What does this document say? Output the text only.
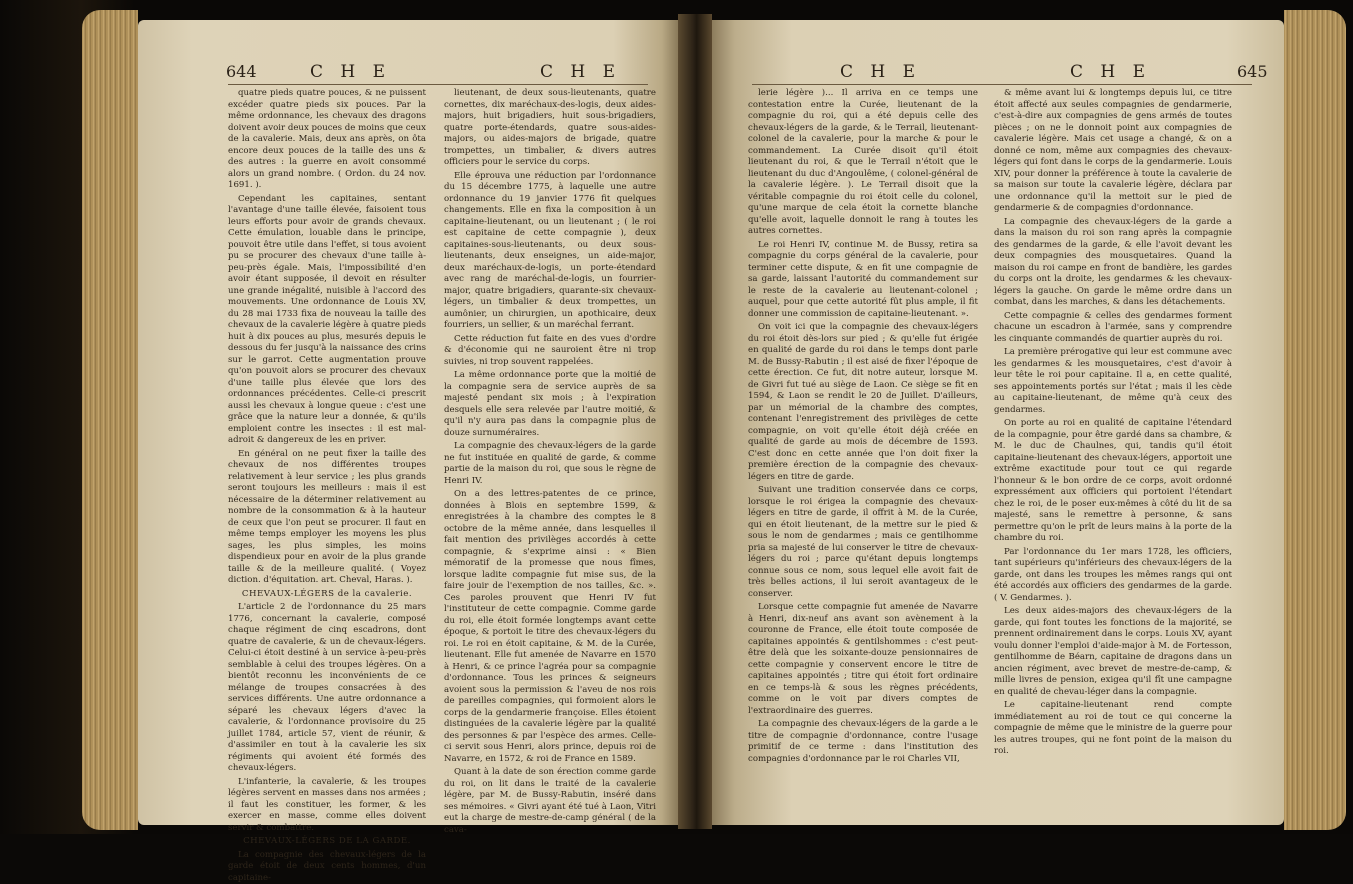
644	C H E	C H E

quatre pieds quatre pouces, & ne puissent excéder quatre pieds six pouces. Par la même ordonnance, les chevaux des dragons doivent avoir deux pouces de moins que ceux de la cavalerie. Mais, deux ans après, on ôta encore deux pouces de la taille des uns & des autres : la guerre en avoit consommé alors un grand nombre. ( Ordon. du 24 nov. 1691. ).

Cependant les capitaines, sentant l'avantage d'une taille élevée, faisoient tous leurs efforts pour avoir de grands chevaux. Cette émulation, louable dans le principe, pouvoit être utile dans l'effet, si tous avoient pu se procurer des chevaux d'une taille à-peu-près égale. Mais, l'impossibilité d'en avoir étant supposée, il devoit en résulter une grande inégalité, nuisible à l'accord des mouvements. Une ordonnance de Louis XV, du 28 mai 1733 fixa de nouveau la taille des chevaux de la cavalerie légère à quatre pieds huit à dix pouces au plus, mesurés depuis le dessous du fer jusqu'à la naissance des crins sur le garrot. Cette augmentation prouve qu'on pouvoit alors se procurer des chevaux d'une taille plus élevée que lors des ordonnances précédentes. Celle-ci prescrit aussi les chevaux à longue queue : c'est une grâce que la nature leur a donnée, & qu'ils emploient contre les insectes : il est mal-adroit & dangereux de les en priver.

En général on ne peut fixer la taille des chevaux de nos différentes troupes relativement à leur service ; les plus grands seront toujours les meilleurs : mais il est nécessaire de la déterminer relativement au nombre de la consommation & à la hauteur de ceux que l'on peut se procurer. Il faut en même temps employer les moyens les plus sages, les plus simples, les moins dispendieux pour en avoir de la plus grande taille & de la meilleure qualité. ( Voyez diction. d'équitation. art. Cheval, Haras. ).

CHEVAUX-LÉGERS de la cavalerie.

L'article 2 de l'ordonnance du 25 mars 1776, concernant la cavalerie, composé chaque régiment de cinq escadrons, dont quatre de cavalerie, & un de chevaux-légers. Celui-ci étoit destiné à un service à-peu-près semblable à celui des troupes légères. On a bientôt reconnu les inconvénients de ce mélange de troupes consacrées à des services différents. Une autre ordonnance a séparé les chevaux légers d'avec la cavalerie, & l'ordonnance provisoire du 25 juillet 1784, article 57, vient de réunir, & d'assimiler en tout à la cavalerie les six régiments qui avoient été formés des chevaux-légers.

L'infanterie, la cavalerie, & les troupes légères servent en masses dans nos armées ; il faut les constituer, les former, & les exercer en masse, comme elles doivent servir & combattre.

CHEVAUX-LÉGERS DE LA GARDE.

La compagnie des chevaux-légers de la garde étoit de deux cents hommes, d'un capitaine-

lieutenant, de deux sous-lieutenants, quatre cornettes, dix maréchaux-des-logis, deux aides-majors, huit brigadiers, huit sous-brigadiers, quatre porte-étendards, quatre sous-aides-majors, ou aides-majors de brigade, quatre trompettes, un timbalier, & divers autres officiers pour le service du corps.

Elle éprouva une réduction par l'ordonnance du 15 décembre 1775, à laquelle une autre ordonnance du 19 janvier 1776 fit quelques changements. Elle en fixa la composition à un capitaine-lieutenant, ou un lieutenant ; ( le roi est capitaine de cette compagnie ), deux capitaines-sous-lieutenants, ou deux sous-lieutenants, deux enseignes, un aide-major, deux maréchaux-de-logis, un porte-étendard avec rang de maréchal-de-logis, un fourrier-major, quatre brigadiers, quarante-six chevaux-légers, un timbalier & deux trompettes, un aumônier, un chirurgien, un apothicaire, deux fourriers, un sellier, & un maréchal ferrant.

Cette réduction fut faite en des vues d'ordre & d'économie qui ne sauroient être ni trop suivies, ni trop souvent rappelées.

La même ordonnance porte que la moitié de la compagnie sera de service auprès de sa majesté pendant six mois ; à l'expiration desquels elle sera relevée par l'autre moitié, & qu'il n'y aura pas dans la compagnie plus de douze surnuméraires.

La compagnie des chevaux-légers de la garde ne fut instituée en qualité de garde, & comme partie de la maison du roi, que sous le règne de Henri IV.

On a des lettres-patentes de ce prince, données à Blois en septembre 1599, & enregistrées à la chambre des comptes le 8 octobre de la même année, dans lesquelles il fait mention des privilèges accordés à cette compagnie, & s'exprime ainsi : « Bien mémoratif de la promesse que nous fîmes, lorsque ladite compagnie fut mise sus, de la faire jouir de l'exemption de nos tailles, &c. ». Ces paroles prouvent que Henri IV fut l'instituteur de cette compagnie. Comme garde du roi, elle étoit formée longtemps avant cette époque, & portoit le titre des chevaux-légers du roi. Le roi en étoit capitaine, & M. de la Curée, lieutenant. Elle fut amenée de Navarre en 1570 à Henri, & ce prince l'agréa pour sa compagnie d'ordonnance. Tous les princes & seigneurs avoient sous la permission & l'aveu de nos rois de pareilles compagnies, qui formoient alors le corps de la gendarmerie françoise. Elles étoient distinguées de la cavalerie légère par la qualité des personnes & par l'espèce des armes. Celle-ci servit sous Henri, alors prince, depuis roi de Navarre, en 1572, & roi de France en 1589.

Quant à la date de son érection comme garde du roi, on lit dans le traité de la cavalerie légère, par M. de Bussy-Rabutin, inséré dans ses mémoires. « Givri ayant été tué à Laon, Vitri eut la charge de mestre-de-camp général ( de la cava-

C H E	C H E	645

lerie légère )... Il arriva en ce temps une contestation entre la Curée, lieutenant de la compagnie du roi, qui a été depuis celle des chevaux-légers de la garde, & le Terrail, lieutenant-colonel de la cavalerie, pour la marche & pour le commandement. La Curée disoit qu'il étoit lieutenant du roi, & que le Terrail n'étoit que le lieutenant du duc d'Angoulême, ( colonel-général de la cavalerie légère. ). Le Terrail disoit que la véritable compagnie du roi étoit celle du colonel, qu'une marque de cela étoit la cornette blanche qu'elle avoit, laquelle donnoit le rang à toutes les autres cornettes.

Le roi Henri IV, continue M. de Bussy, retira sa compagnie du corps général de la cavalerie, pour terminer cette dispute, & en fit une compagnie de sa garde, laissant l'autorité du commandement sur le reste de la cavalerie au lieutenant-colonel ; auquel, pour que cette autorité fût plus ample, il fit donner une commission de capitaine-lieutenant. ».

On voit ici que la compagnie des chevaux-légers du roi étoit dès-lors sur pied ; & qu'elle fut érigée en qualité de garde du roi dans le temps dont parle M. de Bussy-Rabutin ; il est aisé de fixer l'époque de cette érection. Ce fut, dit notre auteur, lorsque M. de Givri fut tué au siège de Laon. Ce siège se fit en 1594, & Laon se rendit le 20 de Juillet. D'ailleurs, par un mémorial de la chambre des comptes, contenant l'enregistrement des privilèges de cette compagnie, on voit qu'elle étoit déjà créée en qualité de garde au mois de décembre de 1593. C'est donc en cette année que l'on doit fixer la première érection de la compagnie des chevaux-légers en titre de garde.

Suivant une tradition conservée dans ce corps, lorsque le roi érigea la compagnie des chevaux-légers en titre de garde, il offrit à M. de la Curée, qui en étoit lieutenant, de la mettre sur le pied & sous le nom de gendarmes ; mais ce gentilhomme pria sa majesté de lui conserver le titre de chevaux-légers du roi ; parce qu'étant depuis longtemps connue sous ce nom, sous lequel elle avoit fait de très belles actions, il lui seroit avantageux de le conserver.

Lorsque cette compagnie fut amenée de Navarre à Henri, dix-neuf ans avant son avènement à la couronne de France, elle étoit toute composée de capitaines appointés & gentilshommes : c'est peut-être delà que les soixante-douze pensionnaires de cette compagnie y conservent encore le titre de capitaines appointés ; titre qui étoit fort ordinaire en ce temps-là & sous les règnes précédents, comme on le voit par divers comptes de l'extraordinaire des guerres.

La compagnie des chevaux-légers de la garde a le titre de compagnie d'ordonnance, contre l'usage primitif de ce terme : dans l'institution des compagnies d'ordonnance par le roi Charles VII,

& même avant lui & longtemps depuis lui, ce titre étoit affecté aux seules compagnies de gendarmerie, c'est-à-dire aux compagnies de gens armés de toutes pièces ; on ne le donnoit point aux compagnies de cavalerie légère. Mais cet usage a changé, & on a donné ce nom, même aux compagnies des chevaux-légers qui font dans le corps de la gendarmerie. Louis XIV, pour donner la préférence à toute la cavalerie de sa maison sur toute la cavalerie légère, déclara par une ordonnance qu'il la mettoit sur le pied de gendarmerie & de compagnies d'ordonnance.

La compagnie des chevaux-légers de la garde a dans la maison du roi son rang après la compagnie des gendarmes de la garde, & elle l'avoit devant les deux compagnies des mousquetaires. Quand la maison du roi campe en front de bandière, les gardes du corps ont la droite, les gendarmes & les chevaux-légers la gauche. On garde le même ordre dans un combat, dans les marches, & dans les détachements.

Cette compagnie & celles des gendarmes forment chacune un escadron à l'armée, sans y comprendre les cinquante commandés de quartier auprès du roi.

La première prérogative qui leur est commune avec les gendarmes & les mousquetaires, c'est d'avoir à leur tête le roi pour capitaine. Il a, en cette qualité, ses appointements portés sur l'état ; mais il les cède au capitaine-lieutenant, de même qu'à ceux des gendarmes.

On porte au roi en qualité de capitaine l'étendard de la compagnie, pour être gardé dans sa chambre, & M. le duc de Chaulnes, qui, tandis qu'il étoit capitaine-lieutenant des chevaux-légers, apportoit une extrême exactitude pour tout ce qui regarde l'honneur & le bon ordre de ce corps, avoit ordonné expressément aux officiers qui portoient l'étendart chez le roi, de le poser eux-mêmes à côté du lit de sa majesté, sans le remettre à personne, & sans permettre qu'on le prît de leurs mains à la porte de la chambre du roi.

Par l'ordonnance du 1er mars 1728, les officiers, tant supérieurs qu'inférieurs des chevaux-légers de la garde, ont dans les troupes les mêmes rangs qui ont été accordés aux officiers des gendarmes de la garde. ( V. Gendarmes. ).

Les deux aides-majors des chevaux-légers de la garde, qui font toutes les fonctions de la majorité, se prennent ordinairement dans le corps. Louis XV, ayant voulu donner l'emploi d'aide-major à M. de Fortesson, gentilhomme de Béarn, capitaine de dragons dans un ancien régiment, avec brevet de mestre-de-camp, & mille livres de pension, exigea qu'il fît une campagne en qualité de chevau-léger dans la compagnie.

Le capitaine-lieutenant rend compte immédiatement au roi de tout ce qui concerne la compagnie de même que le ministre de la guerre pour les autres troupes, qui ne font point de la maison du roi.
